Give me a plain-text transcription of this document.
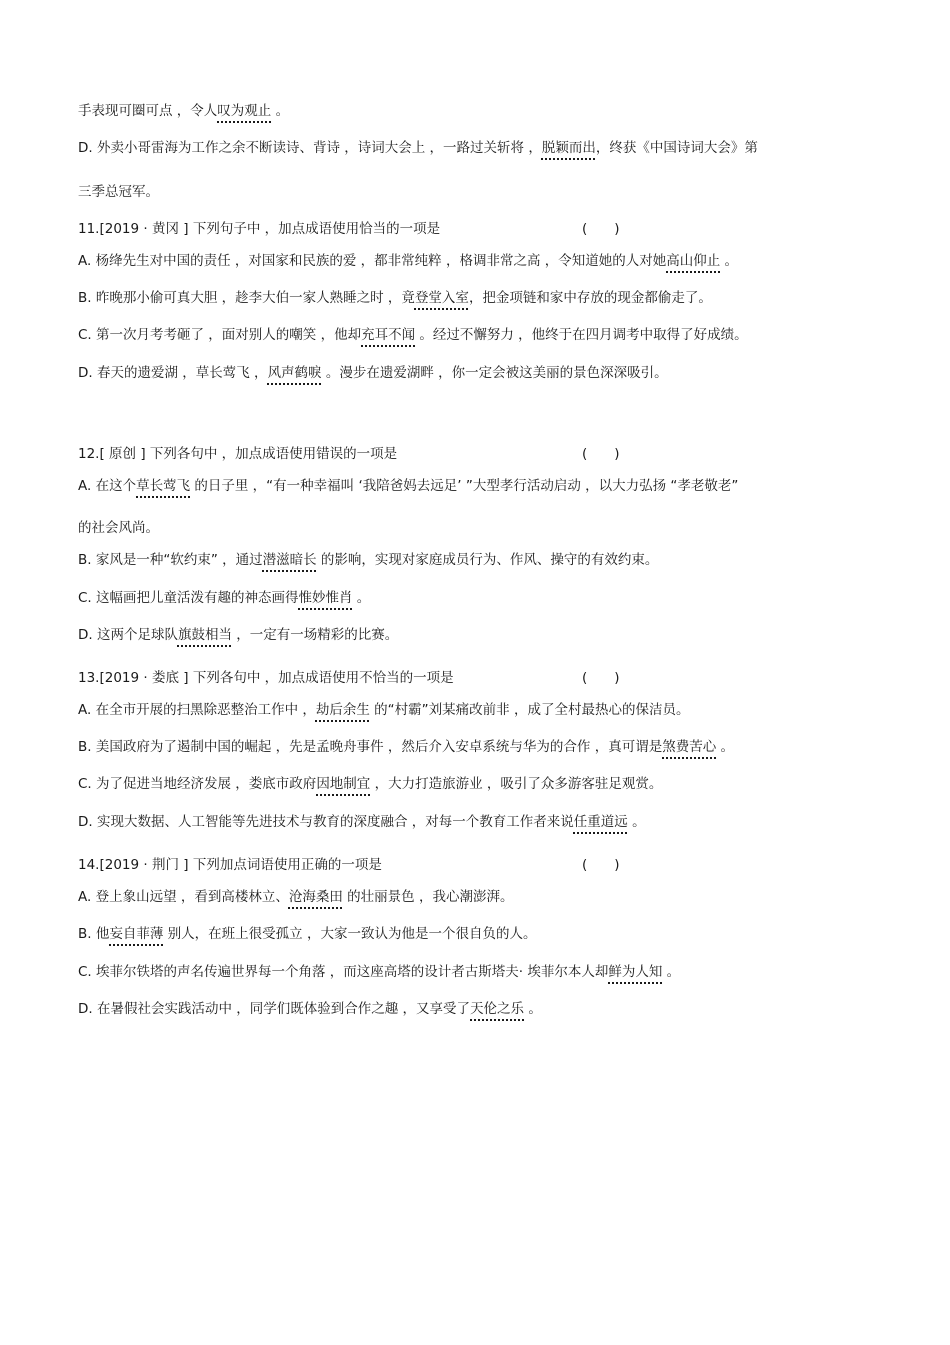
手表现可圈可点 ，令人叹为观止 。
D. 外卖小哥雷海为工作之余不断读诗、背诗 ，诗词大会上 ，一路过关斩将 ，脱颖而出，终获《中国诗词大会》第
三季总冠军。
11.[2019 · 黄冈 ] 下列句子中 ，加点成语使用恰当的一项是	(　　)
A. 杨绛先生对中国的责任 ，对国家和民族的爱 ，都非常纯粹 ，格调非常之高 ，令知道她的人对她高山仰止 。
B. 昨晚那小偷可真大胆 ，趁李大伯一家人熟睡之时 ，竟登堂入室，把金项链和家中存放的现金都偷走了。
C. 第一次月考考砸了 ，面对别人的嘲笑 ，他却充耳不闻 。经过不懈努力 ，他终于在四月调考中取得了好成绩。
D. 春天的遗爱湖 ，草长莺飞 ，风声鹤唳 。漫步在遗爱湖畔 ，你一定会被这美丽的景色深深吸引。
12.[ 原创 ] 下列各句中 ，加点成语使用错误的一项是	(　　)
A. 在这个草长莺飞 的日子里 ，“有一种幸福叫 ‘我陪爸妈去远足’ ”大型孝行活动启动 ，以大力弘扬 “孝老敬老”
的社会风尚。
B. 家风是一种“软约束” ，通过潜滋暗长 的影响，实现对家庭成员行为、作风、操守的有效约束。
C. 这幅画把儿童活泼有趣的神态画得惟妙惟肖 。
D. 这两个足球队旗鼓相当 ，一定有一场精彩的比赛。
13.[2019 · 娄底 ] 下列各句中 ，加点成语使用不恰当的一项是	(　　)
A. 在全市开展的扫黑除恶整治工作中 ，劫后余生 的“村霸”刘某痛改前非 ，成了全村最热心的保洁员。
B. 美国政府为了遏制中国的崛起 ，先是孟晚舟事件 ，然后介入安卓系统与华为的合作 ，真可谓是煞费苦心 。
C. 为了促进当地经济发展 ，娄底市政府因地制宜 ，大力打造旅游业 ，吸引了众多游客驻足观赏。
D. 实现大数据、人工智能等先进技术与教育的深度融合 ，对每一个教育工作者来说任重道远 。
14.[2019 · 荆门 ] 下列加点词语使用正确的一项是	(　　)
A. 登上象山远望 ，看到高楼林立、沧海桑田 的壮丽景色 ，我心潮澎湃。
B. 他妄自菲薄 别人，在班上很受孤立 ，大家一致认为他是一个很自负的人。
C. 埃菲尔铁塔的声名传遍世界每一个角落 ，而这座高塔的设计者古斯塔夫· 埃菲尔本人却鲜为人知 。
D. 在暑假社会实践活动中 ，同学们既体验到合作之趣 ，又享受了天伦之乐 。
